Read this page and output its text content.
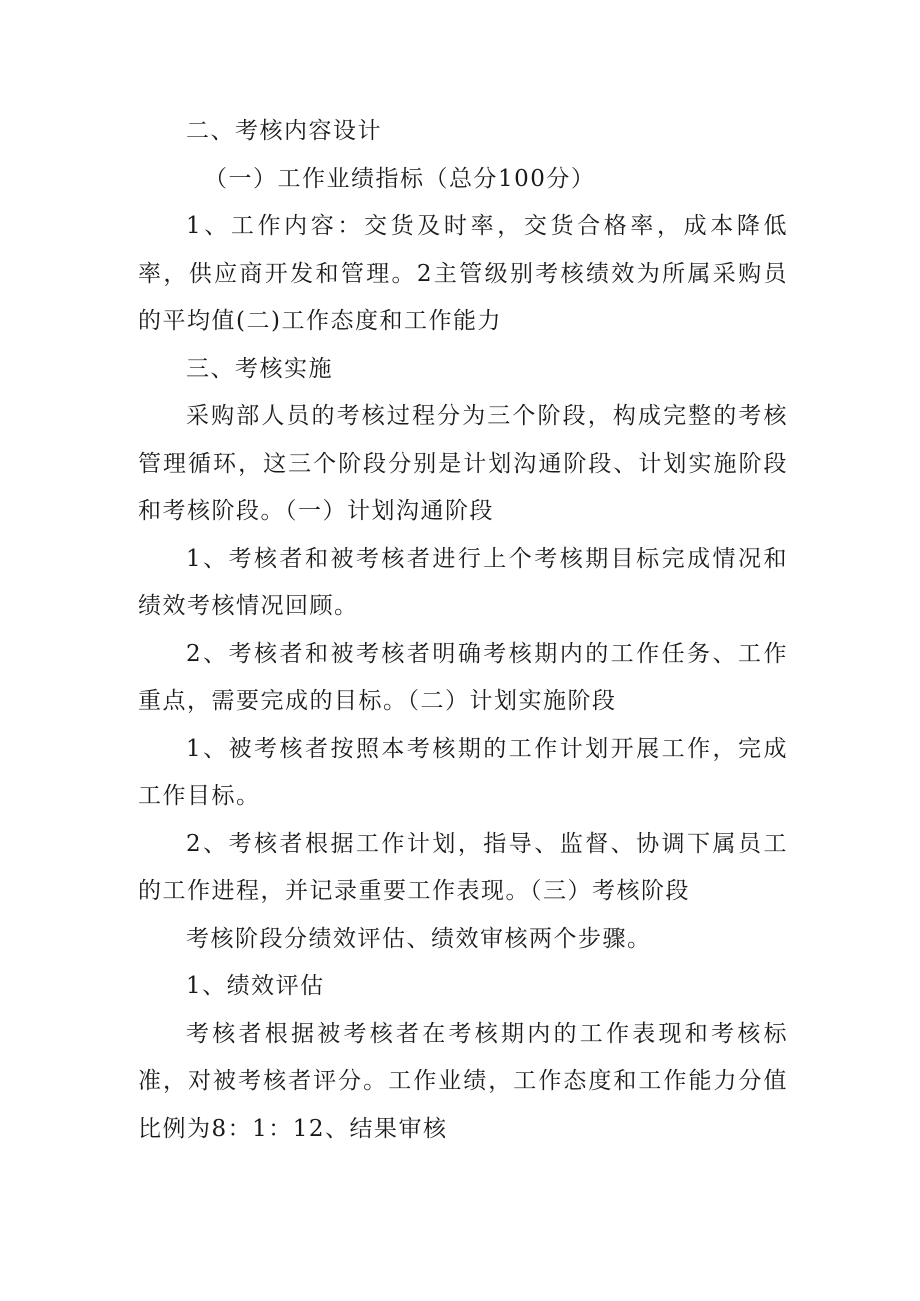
二、考核内容设计

（一）工作业绩指标（总分100分）

1、工作内容：交货及时率，交货合格率，成本降低率，供应商开发和管理。2主管级别考核绩效为所属采购员的平均值(二)工作态度和工作能力

三、考核实施

采购部人员的考核过程分为三个阶段，构成完整的考核管理循环，这三个阶段分别是计划沟通阶段、计划实施阶段和考核阶段。（一）计划沟通阶段

1、考核者和被考核者进行上个考核期目标完成情况和绩效考核情况回顾。

2、考核者和被考核者明确考核期内的工作任务、工作重点，需要完成的目标。（二）计划实施阶段

1、被考核者按照本考核期的工作计划开展工作，完成工作目标。

2、考核者根据工作计划，指导、监督、协调下属员工的工作进程，并记录重要工作表现。（三）考核阶段

考核阶段分绩效评估、绩效审核两个步骤。

1、绩效评估

考核者根据被考核者在考核期内的工作表现和考核标准，对被考核者评分。工作业绩，工作态度和工作能力分值比例为8：1：12、结果审核
